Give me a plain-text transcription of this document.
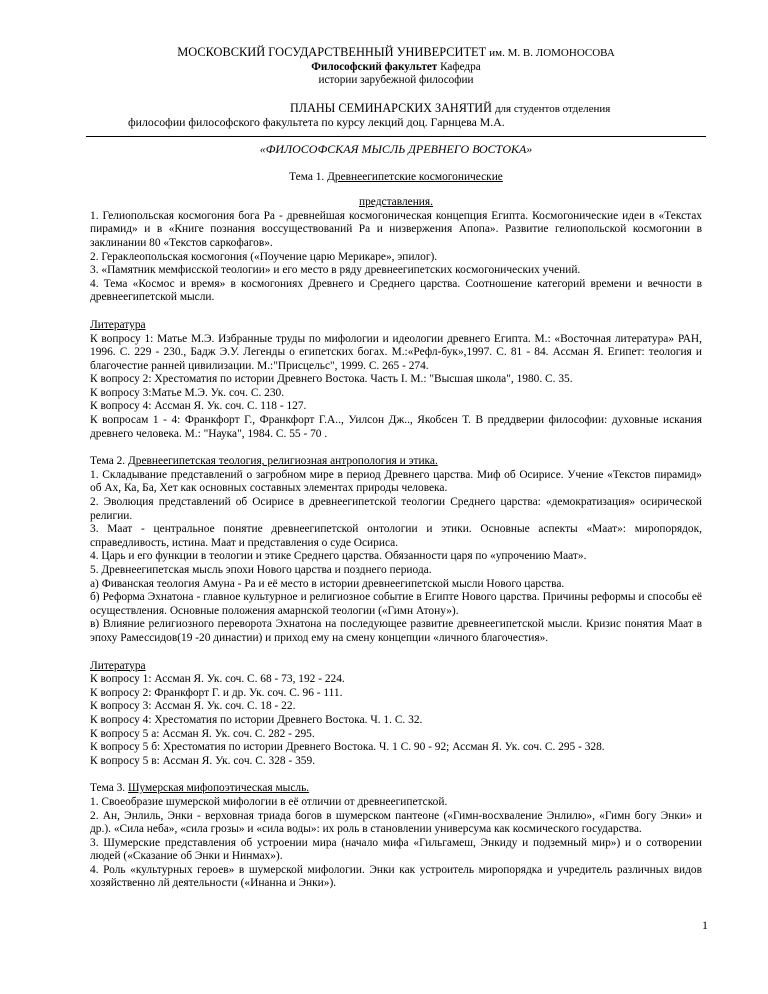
МОСКОВСКИЙ ГОСУДАРСТВЕННЫЙ УНИВЕРСИТЕТ им. М. В. ЛОМОНОСОВА
Философский факультет Кафедра
истории зарубежной философии
ПЛАНЫ СЕМИНАРСКИХ ЗАНЯТИЙ для студентов отделения
философии философского факультета по курсу лекций доц. Гарнцева М.А.
«ФИЛОСОФСКАЯ МЫСЛЬ ДРЕВНЕГО ВОСТОКА»
Тема 1. Древнеегипетские космогонические
представления.
1. Гелиопольская космогония бога Ра - древнейшая космогоническая концепция Египта. Космогонические идеи в «Текстах пирамид» и в «Книге познания воссуществований Ра и низвержения Апопа». Развитие гелиопольской космогонии в заклинании 80 «Текстов саркофагов».
2. Гераклеопольская космогония («Поучение царю Мерикаре», эпилог).
3. «Памятник мемфисской теологии» и его место в ряду древнеегипетских космогонических учений.
4. Тема «Космос и время» в космогониях Древнего и Среднего царства. Соотношение категорий времени и вечности в древнеегипетской мысли.
Литература
К вопросу 1: Матье М.Э. Избранные труды по мифологии и идеологии древнего Египта. М.: «Восточная литература» РАН, 1996. С. 229 - 230., Бадж Э.У. Легенды о египетских богах. М.:«Рефл-бук»,1997. С. 81 - 84. Ассман Я. Египет: теология и благочестие ранней цивилизации. М.:"Присцельс", 1999. С. 265 - 274.
К вопросу 2: Хрестоматия по истории Древнего Востока. Часть I. М.: "Высшая школа", 1980. С. 35.
К вопросу 3:Матье М.Э. Ук. соч. С. 230.
К вопросу 4: Ассман Я. Ук. соч. С. 118 - 127.
К вопросам 1 - 4: Франкфорт Г., Франкфорт Г.А.., Уилсон Дж.., Якобсен Т. В преддверии философии: духовные искания древнего человека. М.: "Наука", 1984. С. 55 - 70 .
Тема 2. Древнеегипетская теология, религиозная антропология и этика.
1. Складывание представлений о загробном мире в период Древнего царства. Миф об Осирисе. Учение «Текстов пирамид» об Ах, Ка, Ба, Хет как основных составных элементах природы человека.
2. Эволюция представлений об Осирисе в древнеегипетской теологии Среднего царства: «демократизация» осирической религии.
3. Маат - центральное понятие древнеегипетской онтологии и этики. Основные аспекты «Маат»: миропорядок, справедливость, истина. Маат и представления о суде Осириса.
4. Царь и его функции в теологии и этике Среднего царства. Обязанности царя по «упрочению Маат».
5. Древнеегипетская мысль эпохи Нового царства и позднего периода.
а) Фиванская теология Амуна - Ра и её место в истории древнеегипетской мысли Нового царства.
б) Реформа Эхнатона - главное культурное и религиозное событие в Египте Нового царства. Причины реформы и способы её осуществления. Основные положения амарнской теологии («Гимн Атону»).
в) Влияние религиозного переворота Эхнатона на последующее развитие древнеегипетской мысли. Кризис понятия Маат в эпоху Рамессидов(19 -20 династии) и приход ему на смену концепции «личного благочестия».
Литература
К вопросу 1: Ассман Я. Ук. соч. С. 68 - 73, 192 - 224.
К вопросу 2: Франкфорт Г. и др. Ук. соч. С. 96 - 111.
К вопросу 3: Ассман Я. Ук. соч. С. 18 - 22.
К вопросу 4: Хрестоматия по истории Древнего Востока. Ч. 1. С. 32.
К вопросу 5 а: Ассман Я. Ук. соч. С. 282 - 295.
К вопросу 5 б: Хрестоматия по истории Древнего Востока. Ч. 1 С. 90 - 92; Ассман Я. Ук. соч. С. 295 - 328.
К вопросу 5 в: Ассман Я. Ук. соч. С. 328 - 359.
Тема 3. Шумерская мифопоэтическая мысль.
1. Своеобразие шумерской мифологии в её отличии от древнеегипетской.
2. Ан, Энлиль, Энки - верховная триада богов в шумерском пантеоне («Гимн-восхваление Энлилю», «Гимн богу Энки» и др.). «Сила неба», «сила грозы» и «сила воды»: их роль в становлении универсума как космического государства.
3. Шумерские представления об устроении мира (начало мифа «Гильгамеш, Энкиду и подземный мир») и о сотворении людей («Сказание об Энки и Нинмах»).
4. Роль «культурных героев» в шумерской мифологии. Энки как устроитель миропорядка и учредитель различных видов хозяйственно лй деятельности («Инанна и Энки»).
1
